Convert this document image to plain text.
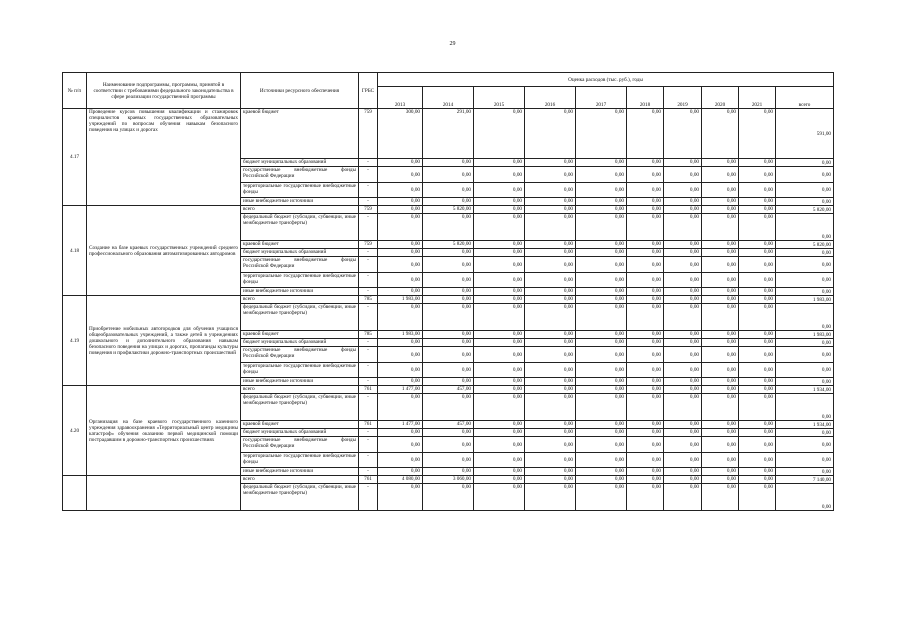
29
№ п/п	Наименование подпрограммы, программы, принятой в соответствии с требованиями федерального законодательства в сфере реализации государственной программы	Источники ресурсного обеспечения	ГРБС	Оценка расходов (тыс. руб.), годы									
				2013	2014	2015	2016	2017	2018	2019	2020	2021	всего
4.17	Проведение курсов повышения квалификации и стажировок специалистов краевых государственных образовательных учреждений по вопросам обучения навыкам безопасного поведения на улицах и дорогах	краевой бюджет	759	300,00	291,00	0,00	0,00	0,00	0,00	0,00	0,00	0,00	591,00
		бюджет муниципальных образований	-	0,00	0,00	0,00	0,00	0,00	0,00	0,00	0,00	0,00	0,00
		государственные внебюджетные фонды Российской Федерации	-	0,00	0,00	0,00	0,00	0,00	0,00	0,00	0,00	0,00	0,00
		территориальные государственные внебюджетные фонды	-	0,00	0,00	0,00	0,00	0,00	0,00	0,00	0,00	0,00	0,00
		иные внебюджетные источники	-	0,00	0,00	0,00	0,00	0,00	0,00	0,00	0,00	0,00	0,00
4.18	Создание на базе краевых государственных учреждений среднего профессионального образования автоматизированных автодромов	всего	759	0,00	5 820,00	0,00	0,00	0,00	0,00	0,00	0,00	0,00	5 820,00
		федеральный бюджет (субсидии, субвенции, иные межбюджетные трансферты)	-	0,00	0,00	0,00	0,00	0,00	0,00	0,00	0,00	0,00	0,00
		краевой бюджет	759	0,00	5 820,00	0,00	0,00	0,00	0,00	0,00	0,00	0,00	5 820,00
		бюджет муниципальных образований	-	0,00	0,00	0,00	0,00	0,00	0,00	0,00	0,00	0,00	0,00
		государственные внебюджетные фонды Российской Федерации	-	0,00	0,00	0,00	0,00	0,00	0,00	0,00	0,00	0,00	0,00
		территориальные государственные внебюджетные фонды	-	0,00	0,00	0,00	0,00	0,00	0,00	0,00	0,00	0,00	0,00
		иные внебюджетные источники	-	0,00	0,00	0,00	0,00	0,00	0,00	0,00	0,00	0,00	0,00
4.19	Приобретение мобильных автогородков для обучения учащихся общеобразовательных учреждений, а также детей в учреждениях дошкольного и дополнительного образования навыкам безопасного поведения на улицах и дорогах, пропаганды культуры поведения и профилактики дорожно-транспортных происшествий	всего	785	1 983,00	0,00	0,00	0,00	0,00	0,00	0,00	0,00	0,00	1 983,00
		федеральный бюджет (субсидии, субвенции, иные межбюджетные трансферты)	-	0,00	0,00	0,00	0,00	0,00	0,00	0,00	0,00	0,00	0,00
		краевой бюджет	785	1 983,00	0,00	0,00	0,00	0,00	0,00	0,00	0,00	0,00	1 983,00
		бюджет муниципальных образований	-	0,00	0,00	0,00	0,00	0,00	0,00	0,00	0,00	0,00	0,00
		государственные внебюджетные фонды Российской Федерации	-	0,00	0,00	0,00	0,00	0,00	0,00	0,00	0,00	0,00	0,00
		территориальные государственные внебюджетные фонды	-	0,00	0,00	0,00	0,00	0,00	0,00	0,00	0,00	0,00	0,00
		иные внебюджетные источники	-	0,00	0,00	0,00	0,00	0,00	0,00	0,00	0,00	0,00	0,00
4.20	Организация на базе краевого государственного казенного учреждения здравоохранения «Территориальный центр медицины катастроф» обучения оказанию первой медицинской помощи пострадавшим в дорожно-транспортных происшествиях	всего	761	1 477,00	457,00	0,00	0,00	0,00	0,00	0,00	0,00	0,00	1 934,00
		федеральный бюджет (субсидии, субвенции, иные межбюджетные трансферты)	-	0,00	0,00	0,00	0,00	0,00	0,00	0,00	0,00	0,00	0,00
		краевой бюджет	761	1 477,00	457,00	0,00	0,00	0,00	0,00	0,00	0,00	0,00	1 934,00
		бюджет муниципальных образований	-	0,00	0,00	0,00	0,00	0,00	0,00	0,00	0,00	0,00	0,00
		государственные внебюджетные фонды Российской Федерации	-	0,00	0,00	0,00	0,00	0,00	0,00	0,00	0,00	0,00	0,00
		территориальные государственные внебюджетные фонды	-	0,00	0,00	0,00	0,00	0,00	0,00	0,00	0,00	0,00	0,00
		иные внебюджетные источники	-	0,00	0,00	0,00	0,00	0,00	0,00	0,00	0,00	0,00	0,00
		всего	761	4 080,00	3 060,00	0,00	0,00	0,00	0,00	0,00	0,00	0,00	7 140,00
		федеральный бюджет (субсидии, субвенции, иные межбюджетные трансферты)	-	0,00	0,00	0,00	0,00	0,00	0,00	0,00	0,00	0,00	0,00
